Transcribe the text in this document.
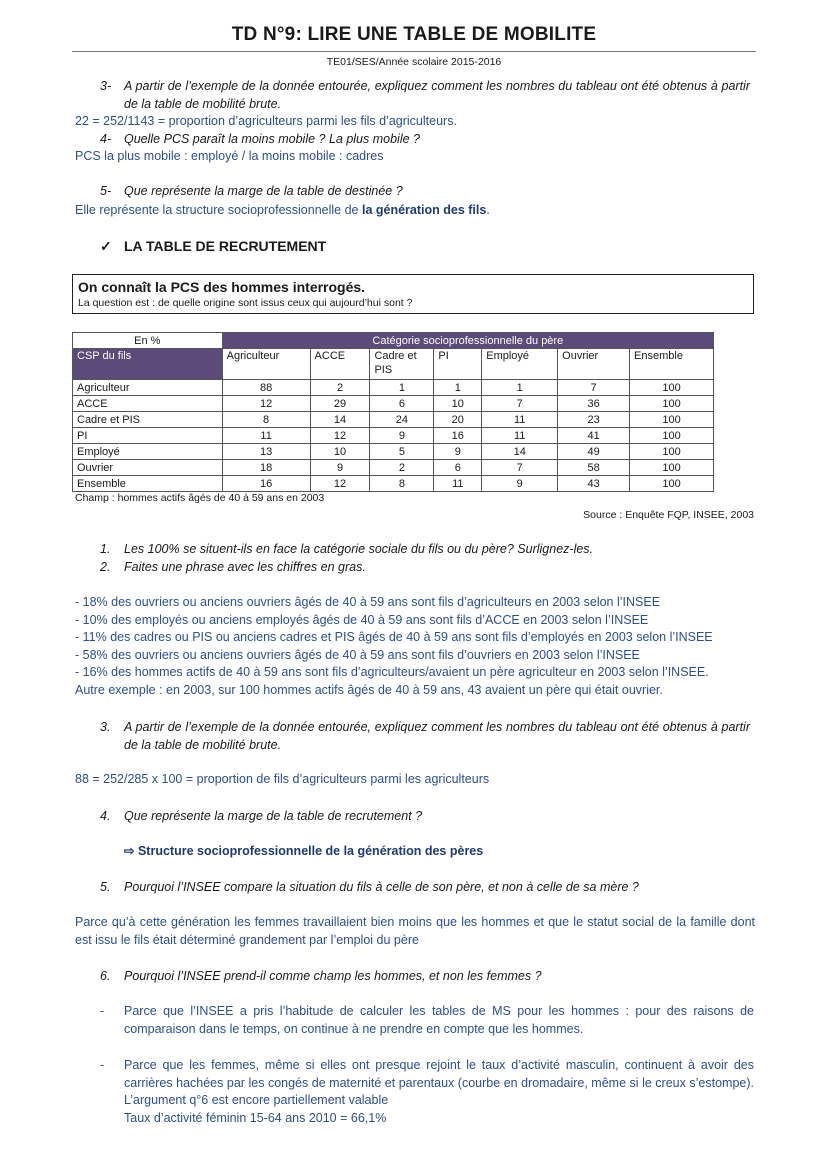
TD N°9: LIRE UNE TABLE DE MOBILITE
TE01/SES/Année scolaire 2015-2016
3- A partir de l’exemple de la donnée entourée, expliquez comment les nombres du tableau ont été obtenus à partir de la table de mobilité brute.
22 = 252/1143 = proportion d’agriculteurs parmi les fils d’agriculteurs.
4- Quelle PCS paraît la moins mobile ? La plus mobile ?
PCS la plus mobile : employé / la moins mobile : cadres
5- Que représente la marge de la table de destinée ?
Elle représente la structure socioprofessionnelle de la génération des fils.
✓ LA TABLE DE RECRUTEMENT
On connaît la PCS des hommes interrogés.
La question est : de quelle origine sont issus ceux qui aujourd’hui sont ?
En %	Catégorie socioprofessionnelle du père						
CSP du fils	Agriculteur	ACCE	Cadre et PIS	PI	Employé	Ouvrier	Ensemble
Agriculteur	88	2	1	1	1	7	100
ACCE	12	29	6	10	7	36	100
Cadre et PIS	8	14	24	20	11	23	100
PI	11	12	9	16	11	41	100
Employé	13	10	5	9	14	49	100
Ouvrier	18	9	2	6	7	58	100
Ensemble	16	12	8	11	9	43	100
Champ : hommes actifs âgés de 40 à 59 ans en 2003
Source : Enquête FQP, INSEE, 2003
1. Les 100% se situent-ils en face la catégorie sociale du fils ou du père? Surlignez-les.
2. Faites une phrase avec les chiffres en gras.
- 18% des ouvriers ou anciens ouvriers âgés de 40 à 59 ans sont fils d’agriculteurs en 2003 selon l’INSEE
- 10% des employés ou anciens employés âgés de 40 à 59 ans sont fils d’ACCE en 2003 selon l’INSEE
- 11% des cadres ou PIS ou anciens cadres et PIS âgés de 40 à 59 ans sont fils d’employés en 2003 selon l’INSEE
- 58% des ouvriers ou anciens ouvriers âgés de 40 à 59 ans sont fils d’ouvriers en 2003 selon l’INSEE
- 16% des hommes actifs de 40 à 59 ans sont fils d’agriculteurs/avaient un père agriculteur en 2003 selon l’INSEE.
Autre exemple : en 2003, sur 100 hommes actifs âgés de 40 à 59 ans, 43 avaient un père qui était ouvrier.
3. A partir de l’exemple de la donnée entourée, expliquez comment les nombres du tableau ont été obtenus à partir de la table de mobilité brute.
88 = 252/285 x 100 = proportion de fils d’agriculteurs parmi les agriculteurs
4. Que représente la marge de la table de recrutement ?
⇨ Structure socioprofessionnelle de la génération des pères
5. Pourquoi l’INSEE compare la situation du fils à celle de son père, et non à celle de sa mère ?
Parce qu’à cette génération les femmes travaillaient bien moins que les hommes et que le statut social de la famille dont est issu le fils était déterminé grandement par l’emploi du père
6. Pourquoi l’INSEE prend-il comme champ les hommes, et non les femmes ?
- Parce que l’INSEE a pris l’habitude de calculer les tables de MS pour les hommes : pour des raisons de comparaison dans le temps, on continue à ne prendre en compte que les hommes.
- Parce que les femmes, même si elles ont presque rejoint le taux d’activité masculin, continuent à avoir des carrières hachées par les congés de maternité et parentaux (courbe en dromadaire, même si le creux s’estompe). L’argument q°6 est encore partiellement valable
Taux d’activité féminin 15-64 ans 2010 = 66,1%
